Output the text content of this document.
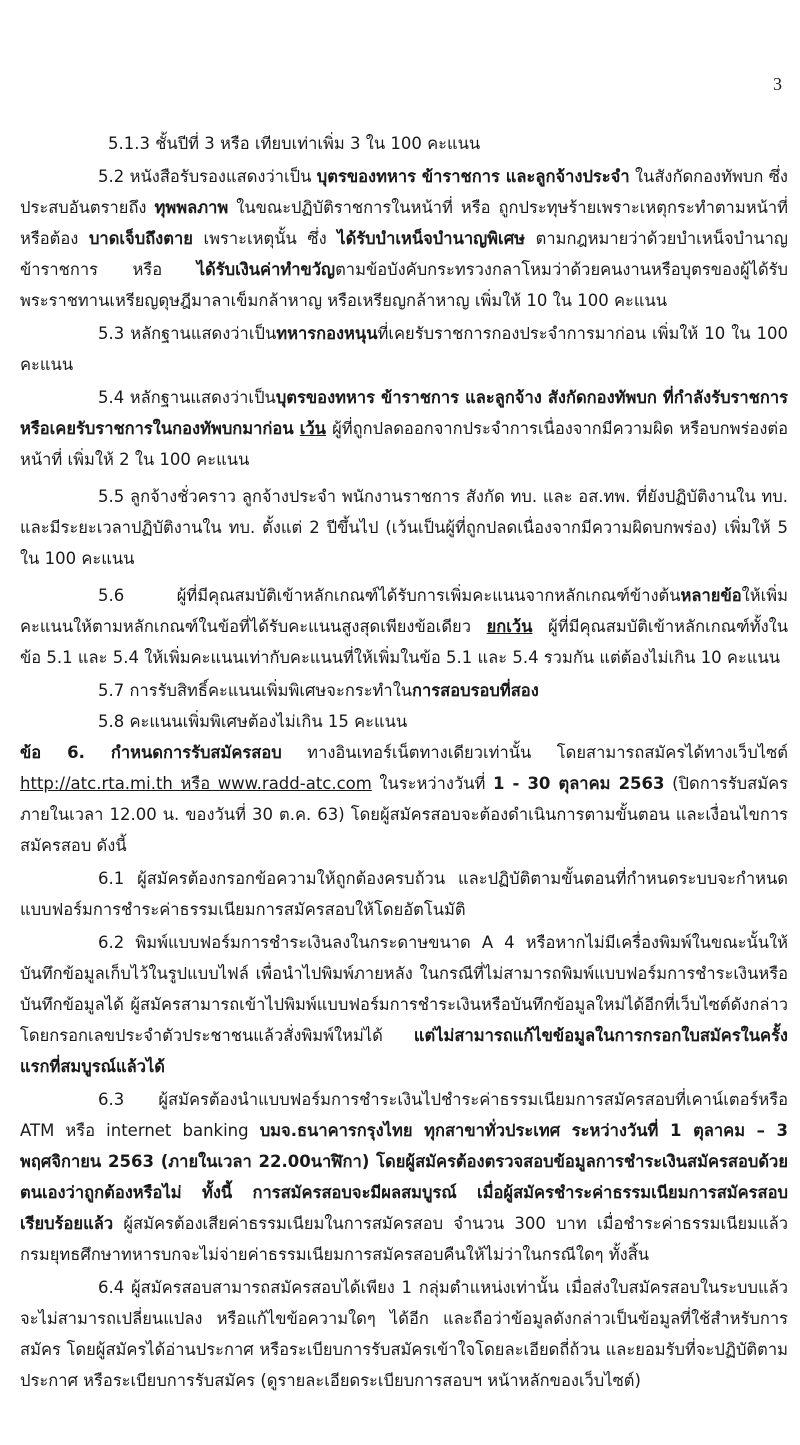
3

5.1.3 ชั้นปีที่ 3 หรือ เทียบเท่าเพิ่ม 3 ใน 100 คะแนน

5.2 หนังสือรับรองแสดงว่าเป็น บุตรของทหาร ข้าราชการ และลูกจ้างประจำ ในสังกัดกองทัพบก ซึ่งประสบอันตรายถึง ทุพพลภาพ ในขณะปฏิบัติราชการในหน้าที่ หรือ ถูกประทุษร้ายเพราะเหตุกระทำตามหน้าที่ หรือต้อง บาดเจ็บถึงตาย เพราะเหตุนั้น ซึ่ง ได้รับบำเหน็จบำนาญพิเศษ ตามกฎหมายว่าด้วยบำเหน็จบำนาญข้าราชการ หรือ ได้รับเงินค่าทำขวัญตามข้อบังคับกระทรวงกลาโหมว่าด้วยคนงานหรือบุตรของผู้ได้รับพระราชทานเหรียญดุษฎีมาลาเข็มกล้าหาญ หรือเหรียญกล้าหาญ เพิ่มให้ 10 ใน 100 คะแนน

5.3 หลักฐานแสดงว่าเป็นทหารกองหนุนที่เคยรับราชการกองประจำการมาก่อน เพิ่มให้ 10 ใน 100 คะแนน

5.4 หลักฐานแสดงว่าเป็นบุตรของทหาร ข้าราชการ และลูกจ้าง สังกัดกองทัพบก ที่กำลังรับราชการหรือเคยรับราชการในกองทัพบกมาก่อน เว้น ผู้ที่ถูกปลดออกจากประจำการเนื่องจากมีความผิด หรือบกพร่องต่อหน้าที่ เพิ่มให้ 2 ใน 100 คะแนน

5.5 ลูกจ้างชั่วคราว ลูกจ้างประจำ พนักงานราชการ สังกัด ทบ. และ อส.ทพ. ที่ยังปฏิบัติงานใน ทบ. และมีระยะเวลาปฏิบัติงานใน ทบ. ตั้งแต่ 2 ปีขึ้นไป (เว้นเป็นผู้ที่ถูกปลดเนื่องจากมีความผิดบกพร่อง) เพิ่มให้ 5 ใน 100 คะแนน

5.6 ผู้ที่มีคุณสมบัติเข้าหลักเกณฑ์ได้รับการเพิ่มคะแนนจากหลักเกณฑ์ข้างต้นหลายข้อให้เพิ่มคะแนนให้ตามหลักเกณฑ์ในข้อที่ได้รับคะแนนสูงสุดเพียงข้อเดียว ยกเว้น ผู้ที่มีคุณสมบัติเข้าหลักเกณฑ์ทั้งในข้อ 5.1 และ 5.4 ให้เพิ่มคะแนนเท่ากับคะแนนที่ให้เพิ่มในข้อ 5.1 และ 5.4 รวมกัน แต่ต้องไม่เกิน 10 คะแนน

5.7 การรับสิทธิ์คะแนนเพิ่มพิเศษจะกระทำในการสอบรอบที่สอง

5.8 คะแนนเพิ่มพิเศษต้องไม่เกิน 15 คะแนน

ข้อ 6. กำหนดการรับสมัครสอบ ทางอินเทอร์เน็ตทางเดียวเท่านั้น โดยสามารถสมัครได้ทางเว็บไซต์ http://atc.rta.mi.th หรือ www.radd-atc.com ในระหว่างวันที่ 1 - 30 ตุลาคม 2563 (ปิดการรับสมัครภายในเวลา 12.00 น. ของวันที่ 30 ต.ค. 63) โดยผู้สมัครสอบจะต้องดำเนินการตามขั้นตอน และเงื่อนไขการสมัครสอบ ดังนี้

6.1 ผู้สมัครต้องกรอกข้อความให้ถูกต้องครบถ้วน และปฏิบัติตามขั้นตอนที่กำหนดระบบจะกำหนดแบบฟอร์มการชำระค่าธรรมเนียมการสมัครสอบให้โดยอัตโนมัติ

6.2 พิมพ์แบบฟอร์มการชำระเงินลงในกระดาษขนาด A 4 หรือหากไม่มีเครื่องพิมพ์ในขณะนั้นให้บันทึกข้อมูลเก็บไว้ในรูปแบบไฟล์ เพื่อนำไปพิมพ์ภายหลัง ในกรณีที่ไม่สามารถพิมพ์แบบฟอร์มการชำระเงินหรือบันทึกข้อมูลได้ ผู้สมัครสามารถเข้าไปพิมพ์แบบฟอร์มการชำระเงินหรือบันทึกข้อมูลใหม่ได้อีกที่เว็บไซต์ดังกล่าว โดยกรอกเลขประจำตัวประชาชนแล้วสั่งพิมพ์ใหม่ได้ แต่ไม่สามารถแก้ไขข้อมูลในการกรอกใบสมัครในครั้งแรกที่สมบูรณ์แล้วได้

6.3 ผู้สมัครต้องนำแบบฟอร์มการชำระเงินไปชำระค่าธรรมเนียมการสมัครสอบที่เคาน์เตอร์หรือ ATM หรือ internet banking บมจ.ธนาคารกรุงไทย ทุกสาขาทั่วประเทศ ระหว่างวันที่ 1 ตุลาคม – 3 พฤศจิกายน 2563 (ภายในเวลา 22.00นาฬิกา) โดยผู้สมัครต้องตรวจสอบข้อมูลการชำระเงินสมัครสอบด้วยตนเองว่าถูกต้องหรือไม่ ทั้งนี้ การสมัครสอบจะมีผลสมบูรณ์ เมื่อผู้สมัครชำระค่าธรรมเนียมการสมัครสอบเรียบร้อยแล้ว ผู้สมัครต้องเสียค่าธรรมเนียมในการสมัครสอบ จำนวน 300 บาท เมื่อชำระค่าธรรมเนียมแล้ว กรมยุทธศึกษาทหารบกจะไม่จ่ายค่าธรรมเนียมการสมัครสอบคืนให้ไม่ว่าในกรณีใดๆ ทั้งสิ้น

6.4 ผู้สมัครสอบสามารถสมัครสอบได้เพียง 1 กลุ่มตำแหน่งเท่านั้น เมื่อส่งใบสมัครสอบในระบบแล้วจะไม่สามารถเปลี่ยนแปลง หรือแก้ไขข้อความใดๆ ได้อีก และถือว่าข้อมูลดังกล่าวเป็นข้อมูลที่ใช้สำหรับการสมัคร โดยผู้สมัครได้อ่านประกาศ หรือระเบียบการรับสมัครเข้าใจโดยละเอียดถี่ถ้วน และยอมรับที่จะปฏิบัติตามประกาศ หรือระเบียบการรับสมัคร (ดูรายละเอียดระเบียบการสอบฯ หน้าหลักของเว็บไซต์)
